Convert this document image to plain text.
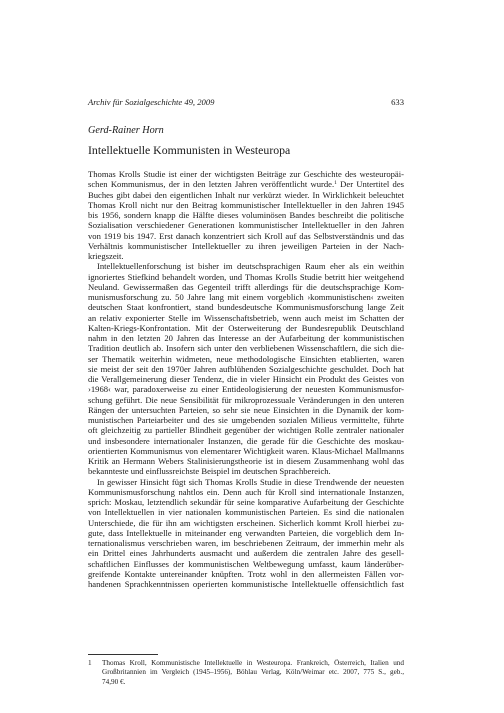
Archiv für Sozialgeschichte 49, 2009	633
Gerd-Rainer Horn
Intellektuelle Kommunisten in Westeuropa
Thomas Krolls Studie ist einer der wichtigsten Beiträge zur Geschichte des westeuropäi-
schen Kommunismus, der in den letzten Jahren veröffentlicht wurde.$^1$ Der Untertitel des
Buches gibt dabei den eigentlichen Inhalt nur verkürzt wieder. In Wirklichkeit beleuchtet
Thomas Kroll nicht nur den Beitrag kommunistischer Intellektueller in den Jahren 1945
bis 1956, sondern knapp die Hälfte dieses voluminösen Bandes beschreibt die politische
Sozialisation verschiedener Generationen kommunistischer Intellektueller in den Jahren
von 1919 bis 1947. Erst danach konzentriert sich Kroll auf das Selbstverständnis und das
Verhältnis kommunistischer Intellektueller zu ihren jeweiligen Parteien in der Nach-
kriegszeit.
Intellektuellenforschung ist bisher im deutschsprachigen Raum eher als ein weithin
ignoriertes Stiefkind behandelt worden, und Thomas Krolls Studie betritt hier weitgehend
Neuland. Gewissermaßen das Gegenteil trifft allerdings für die deutschsprachige Kom-
munismusforschung zu. 50 Jahre lang mit einem vorgeblich ›kommunistischen‹ zweiten
deutschen Staat konfrontiert, stand bundesdeutsche Kommunismusforschung lange Zeit
an relativ exponierter Stelle im Wissenschaftsbetrieb, wenn auch meist im Schatten der
Kalten-Kriegs-Konfrontation. Mit der Osterweiterung der Bundesrepublik Deutschland
nahm in den letzten 20 Jahren das Interesse an der Aufarbeitung der kommunistischen
Tradition deutlich ab. Insofern sich unter den verbliebenen Wissenschaftlern, die sich die-
ser Thematik weiterhin widmeten, neue methodologische Einsichten etablierten, waren
sie meist der seit den 1970er Jahren aufblühenden Sozialgeschichte geschuldet. Doch hat
die Verallgemeinerung dieser Tendenz, die in vieler Hinsicht ein Produkt des Geistes von
›1968‹ war, paradoxerweise zu einer Entideologisierung der neuesten Kommunismusfor-
schung geführt. Die neue Sensibilität für mikroprozessuale Veränderungen in den unteren
Rängen der untersuchten Parteien, so sehr sie neue Einsichten in die Dynamik der kom-
munistischen Parteiarbeiter und des sie umgebenden sozialen Milieus vermittelte, führte
oft gleichzeitig zu partieller Blindheit gegenüber der wichtigen Rolle zentraler nationaler
und insbesondere internationaler Instanzen, die gerade für die Geschichte des moskau-
orientierten Kommunismus von elementarer Wichtigkeit waren. Klaus-Michael Mallmanns
Kritik an Hermann Webers Stalinisierungstheorie ist in diesem Zusammenhang wohl das
bekannteste und einflussreichste Beispiel im deutschen Sprachbereich.
In gewisser Hinsicht fügt sich Thomas Krolls Studie in diese Trendwende der neuesten
Kommunismusforschung nahtlos ein. Denn auch für Kroll sind internationale Instanzen,
sprich: Moskau, letztendlich sekundär für seine komparative Aufarbeitung der Geschichte
von Intellektuellen in vier nationalen kommunistischen Parteien. Es sind die nationalen
Unterschiede, die für ihn am wichtigsten erscheinen. Sicherlich kommt Kroll hierbei zu-
gute, dass Intellektuelle in miteinander eng verwandten Parteien, die vorgeblich dem In-
ternationalismus verschrieben waren, im beschriebenen Zeitraum, der immerhin mehr als
ein Drittel eines Jahrhunderts ausmacht und außerdem die zentralen Jahre des gesell-
schaftlichen Einflusses der kommunistischen Weltbewegung umfasst, kaum länderüber-
greifende Kontakte untereinander knüpften. Trotz wohl in den allermeisten Fällen vor-
handenen Sprachkenntnissen operierten kommunistische Intellektuelle offensichtlich fast
1 Thomas Kroll, Kommunistische Intellektuelle in Westeuropa. Frankreich, Österreich, Italien und
Großbritannien im Vergleich (1945–1956), Böhlau Verlag, Köln/Weimar etc. 2007, 775 S., geb.,
74,90 €.
